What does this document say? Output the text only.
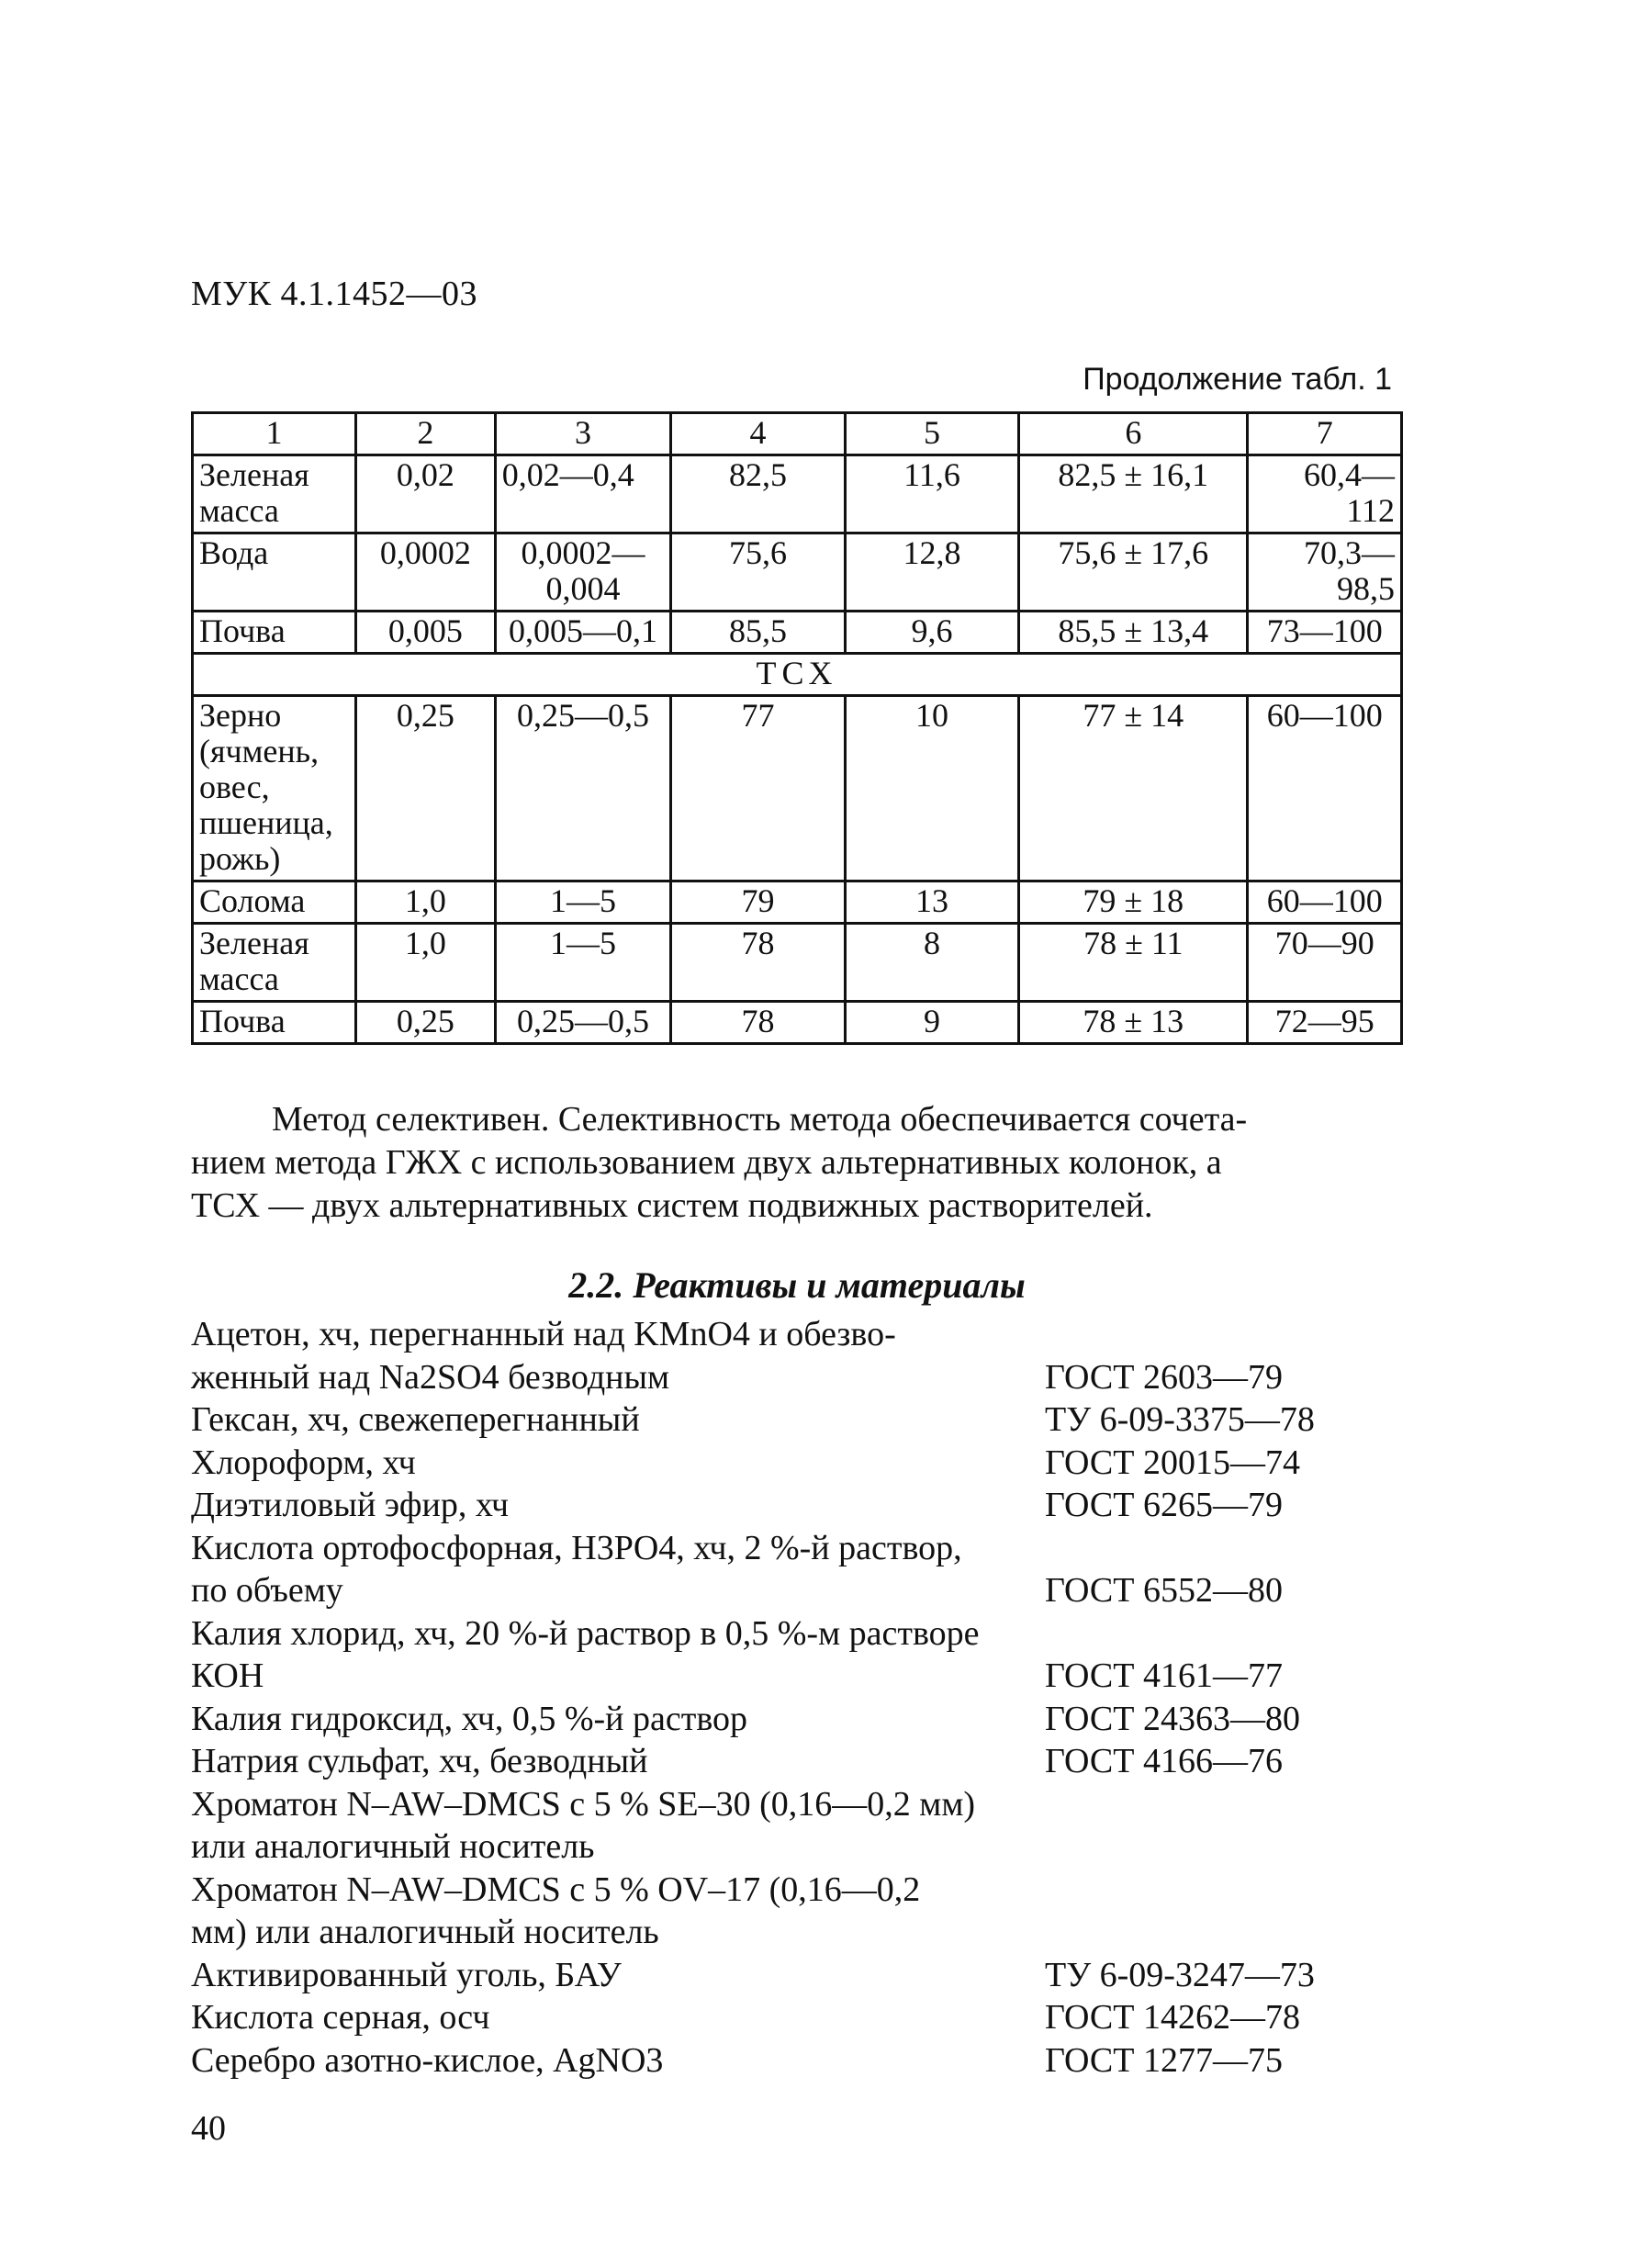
МУК 4.1.1452—03
Продолжение табл. 1
1	2	3	4	5	6	7
Зеленая масса	0,02	0,02—0,4	82,5	11,6	82,5 ± 16,1	60,4— 112
Вода	0,0002	0,0002— 0,004	75,6	12,8	75,6 ± 17,6	70,3— 98,5
Почва	0,005	0,005—0,1	85,5	9,6	85,5 ± 13,4	73—100
ТСХ						
Зерно (ячмень, овес, пшеница, рожь)	0,25	0,25—0,5	77	10	77 ± 14	60—100
Солома	1,0	1—5	79	13	79 ± 18	60—100
Зеленая масса	1,0	1—5	78	8	78 ± 11	70—90
Почва	0,25	0,25—0,5	78	9	78 ± 13	72—95
Метод селективен. Селективность метода обеспечивается сочета-
нием метода ГЖХ с использованием двух альтернативных колонок, а
ТСХ — двух альтернативных систем подвижных растворителей.
2.2. Реактивы и материалы
Ацетон, хч, перегнанный над KMnO4 и обезво-женный над Na2SO4 безводным	ГОСТ 2603—79
Гексан, хч, свежеперегнанный	ТУ 6-09-3375—78
Хлороформ, хч	ГОСТ 20015—74
Диэтиловый эфир, хч	ГОСТ 6265—79
Кислота ортофосфорная, H3PO4, хч, 2 %-й раствор, по объему	ГОСТ 6552—80
Калия хлорид, хч, 20 %-й раствор в 0,5 %-м растворе КОН	ГОСТ 4161—77
Калия гидроксид, хч, 0,5 %-й раствор	ГОСТ 24363—80
Натрия сульфат, хч, безводный	ГОСТ 4166—76
Хроматон N–AW–DMCS с 5 % SE–30 (0,16—0,2 мм) или аналогичный носитель
Хроматон N–AW–DMCS с 5 % OV–17 (0,16—0,2 мм) или аналогичный носитель
Активированный уголь, БАУ	ТУ 6-09-3247—73
Кислота серная, осч	ГОСТ 14262—78
Серебро азотно-кислое, AgNO3	ГОСТ 1277—75
40
